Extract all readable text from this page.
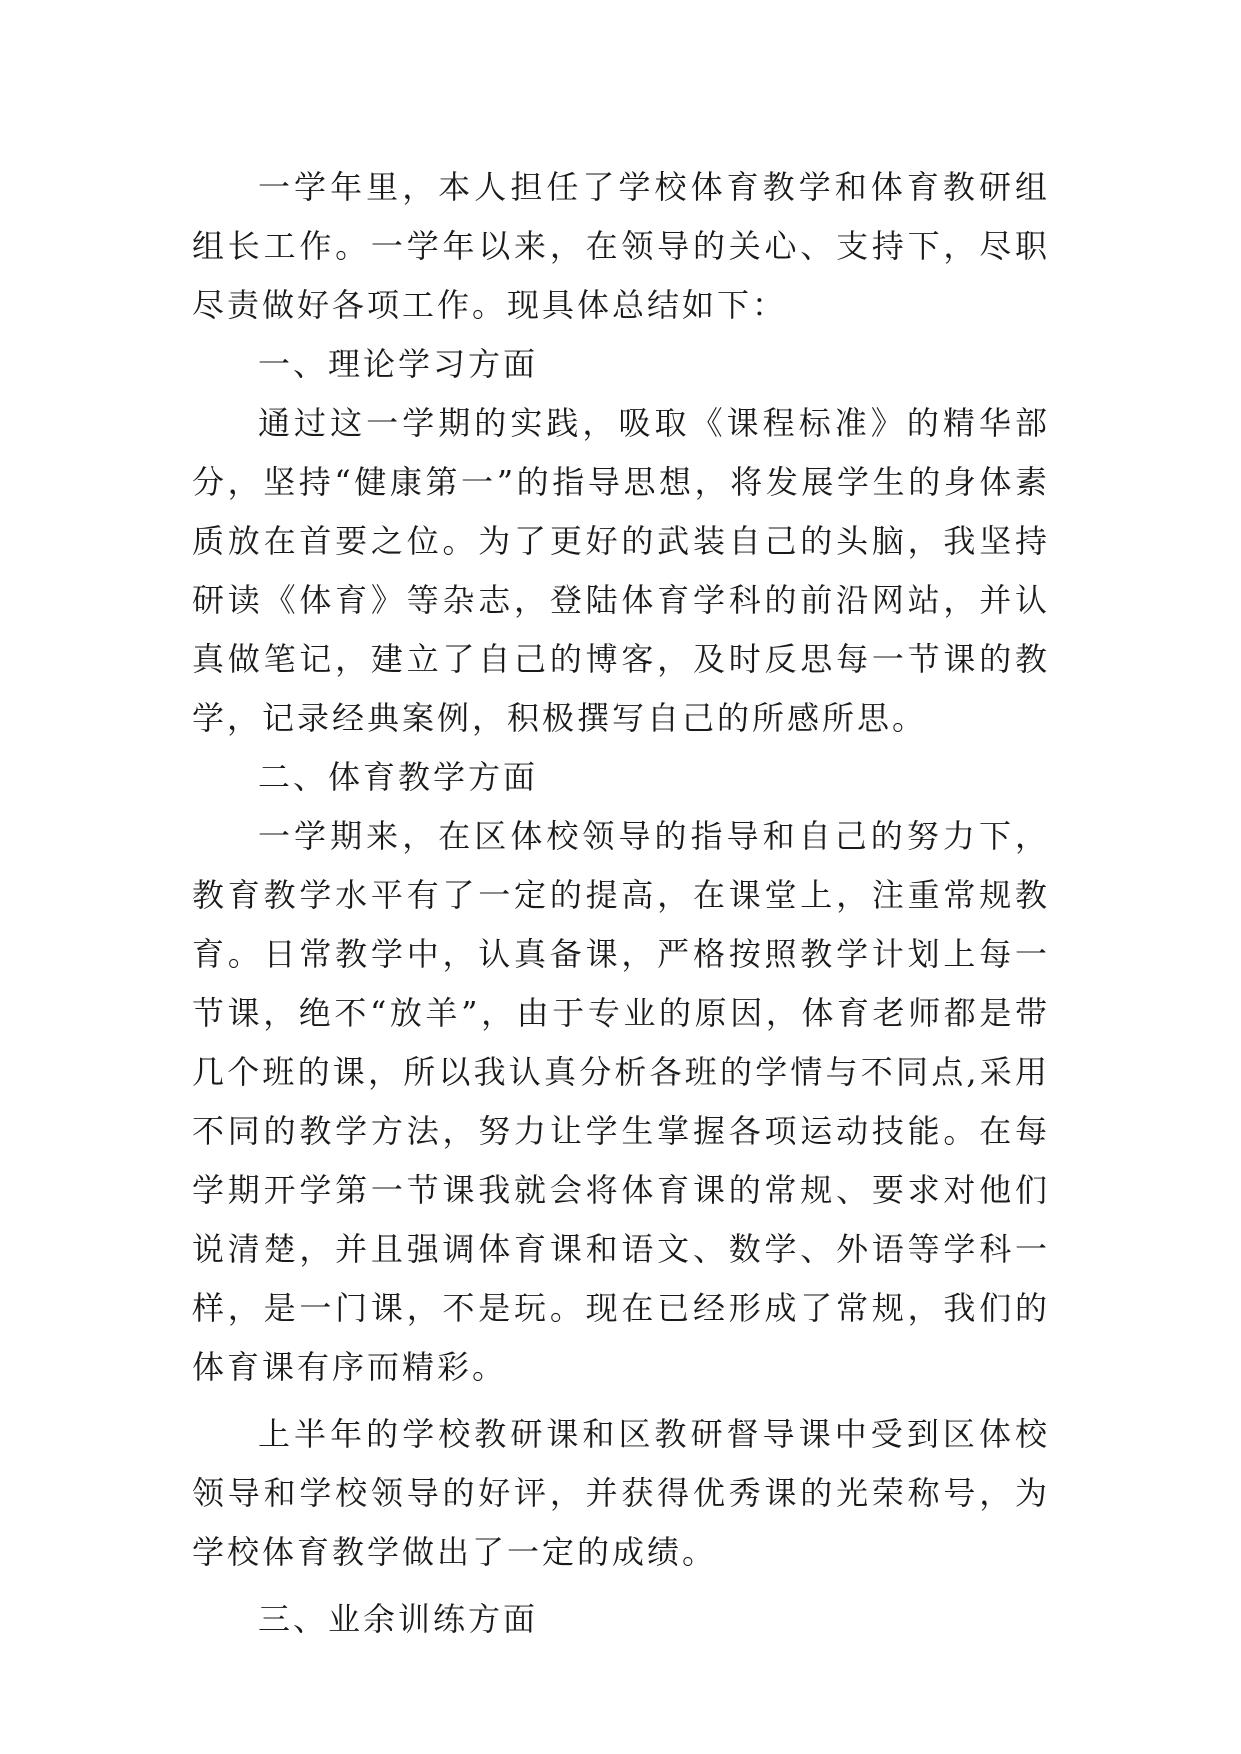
一学年里，本人担任了学校体育教学和体育教研组组长工作。一学年以来，在领导的关心、支持下，尽职尽责做好各项工作。现具体总结如下：

一、理论学习方面

通过这一学期的实践，吸取《课程标准》的精华部分，坚持“健康第一”的指导思想，将发展学生的身体素质放在首要之位。为了更好的武装自己的头脑，我坚持研读《体育》等杂志，登陆体育学科的前沿网站，并认真做笔记，建立了自己的博客，及时反思每一节课的教学，记录经典案例，积极撰写自己的所感所思。

二、体育教学方面

一学期来，在区体校领导的指导和自己的努力下，教育教学水平有了一定的提高，在课堂上，注重常规教育。日常教学中，认真备课，严格按照教学计划上每一节课，绝不“放羊”，由于专业的原因，体育老师都是带几个班的课，所以我认真分析各班的学情与不同点,采用不同的教学方法，努力让学生掌握各项运动技能。在每学期开学第一节课我就会将体育课的常规、要求对他们说清楚，并且强调体育课和语文、数学、外语等学科一样，是一门课，不是玩。现在已经形成了常规，我们的体育课有序而精彩。

上半年的学校教研课和区教研督导课中受到区体校领导和学校领导的好评，并获得优秀课的光荣称号，为学校体育教学做出了一定的成绩。

三、业余训练方面
